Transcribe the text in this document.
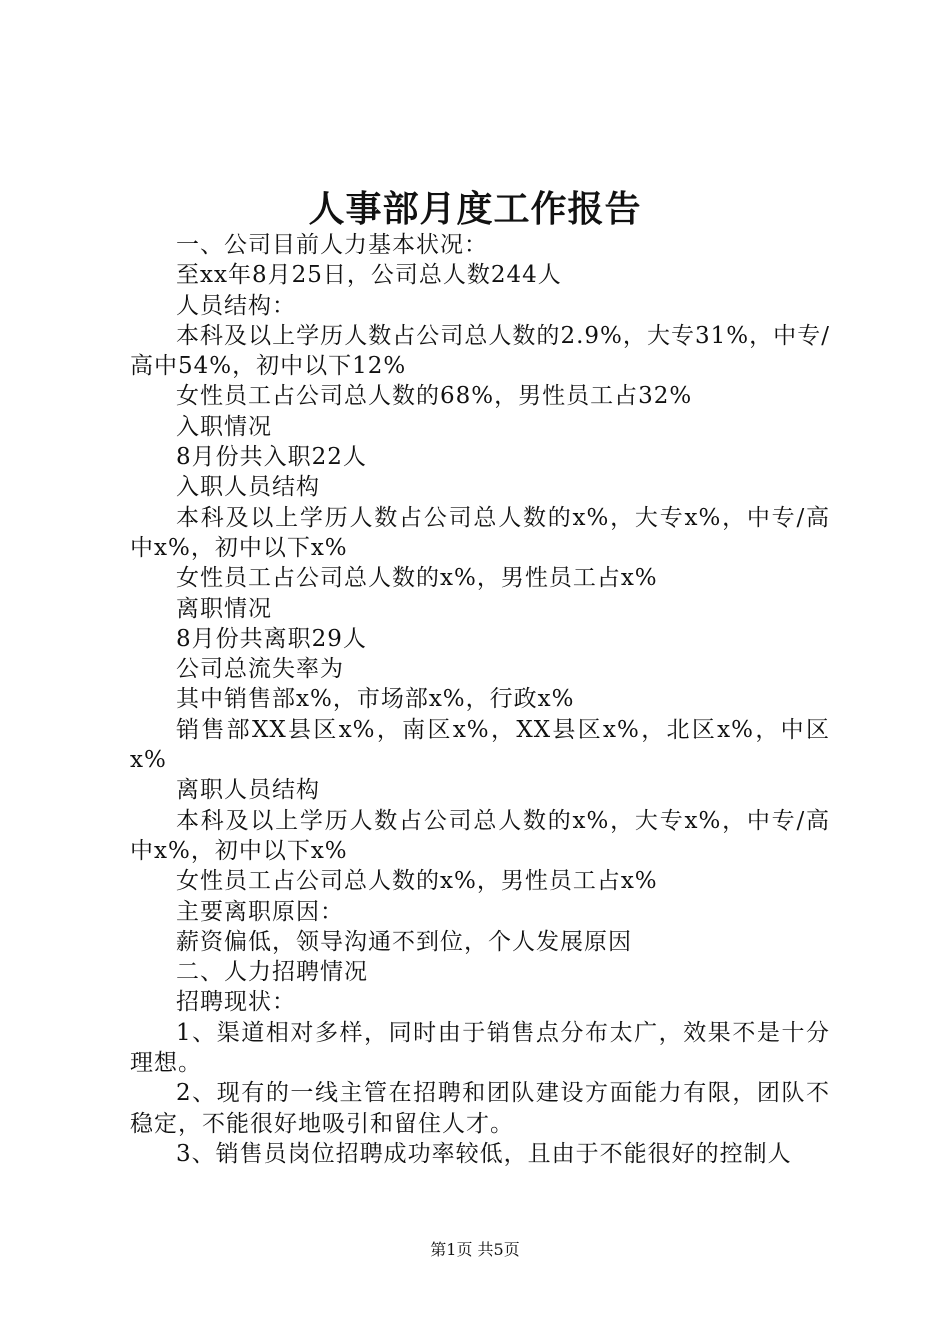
人事部月度工作报告

一、公司目前人力基本状况：

至xx年8月25日，公司总人数244人

人员结构：

本科及以上学历人数占公司总人数的2.9%，大专31%，中专/高中54%，初中以下12%

女性员工占公司总人数的68%，男性员工占32%

入职情况

8月份共入职22人

入职人员结构

本科及以上学历人数占公司总人数的x%，大专x%，中专/高中x%，初中以下x%

女性员工占公司总人数的x%，男性员工占x%

离职情况

8月份共离职29人

公司总流失率为

其中销售部x%，市场部x%，行政x%

销售部XX县区x%，南区x%，XX县区x%，北区x%，中区x%

离职人员结构

本科及以上学历人数占公司总人数的x%，大专x%，中专/高中x%，初中以下x%

女性员工占公司总人数的x%，男性员工占x%

主要离职原因：

薪资偏低，领导沟通不到位，个人发展原因

二、人力招聘情况

招聘现状：

1、渠道相对多样，同时由于销售点分布太广，效果不是十分理想。

2、现有的一线主管在招聘和团队建设方面能力有限，团队不稳定，不能很好地吸引和留住人才。

3、销售员岗位招聘成功率较低，且由于不能很好的控制人

第1页 共5页
